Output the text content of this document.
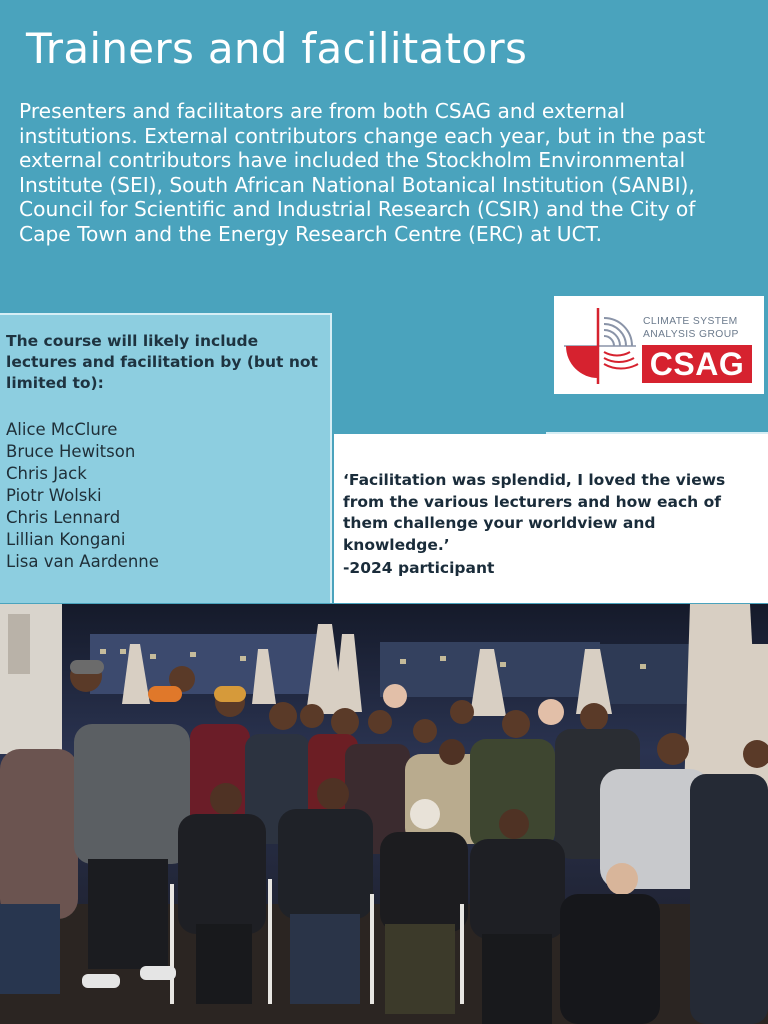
Trainers and facilitators
Presenters and facilitators are from both CSAG and external institutions. External contributors change each year, but in the past external contributors have included the Stockholm Environmental Institute (SEI), South African National Botanical Institution (SANBI), Council for Scientific and Industrial Research (CSIR) and the City of Cape Town and the Energy Research Centre (ERC) at UCT.
The course will likely include lectures and facilitation by (but not limited to):
Alice McClure
Bruce Hewitson
Chris Jack
Piotr Wolski
Chris Lennard
Lillian Kongani
Lisa van Aardenne
CLIMATE SYSTEM
ANALYSIS GROUP
CSAG
‘Facilitation was splendid, I loved the views from the various lecturers and how each of them challenge your worldview and knowledge.’
-2024 participant
